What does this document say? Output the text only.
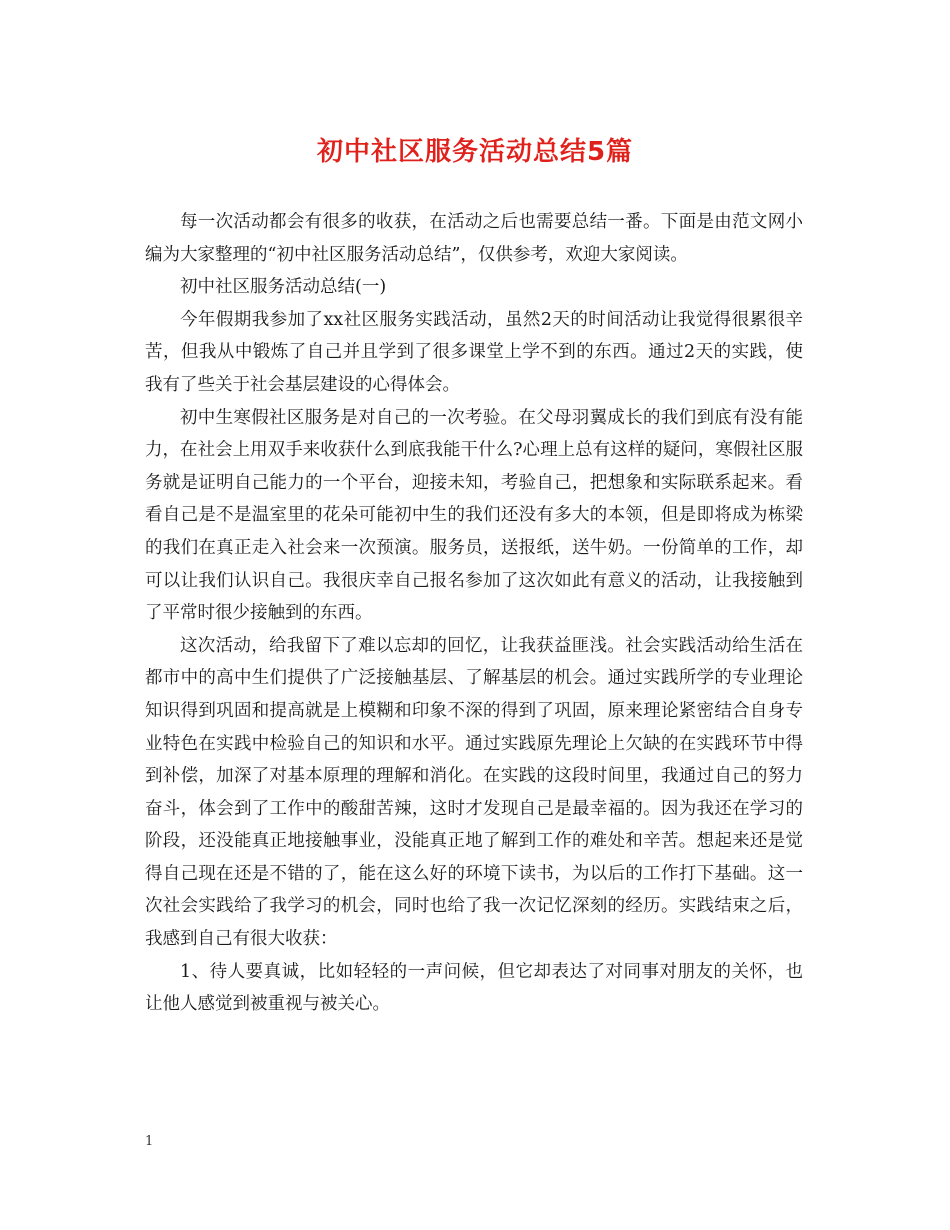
初中社区服务活动总结5篇

每一次活动都会有很多的收获，在活动之后也需要总结一番。下面是由范文网小编为大家整理的“初中社区服务活动总结”，仅供参考，欢迎大家阅读。

初中社区服务活动总结(一)

今年假期我参加了xx社区服务实践活动，虽然2天的时间活动让我觉得很累很辛苦，但我从中锻炼了自己并且学到了很多课堂上学不到的东西。通过2天的实践，使我有了些关于社会基层建设的心得体会。

初中生寒假社区服务是对自己的一次考验。在父母羽翼成长的我们到底有没有能力，在社会上用双手来收获什么到底我能干什么?心理上总有这样的疑问，寒假社区服务就是证明自己能力的一个平台，迎接未知，考验自己，把想象和实际联系起来。看看自己是不是温室里的花朵可能初中生的我们还没有多大的本领，但是即将成为栋梁的我们在真正走入社会来一次预演。服务员，送报纸，送牛奶。一份简单的工作，却可以让我们认识自己。我很庆幸自己报名参加了这次如此有意义的活动，让我接触到了平常时很少接触到的东西。

这次活动，给我留下了难以忘却的回忆，让我获益匪浅。社会实践活动给生活在都市中的高中生们提供了广泛接触基层、了解基层的机会。通过实践所学的专业理论知识得到巩固和提高就是上模糊和印象不深的得到了巩固，原来理论紧密结合自身专业特色在实践中检验自己的知识和水平。通过实践原先理论上欠缺的在实践环节中得到补偿，加深了对基本原理的理解和消化。在实践的这段时间里，我通过自己的努力奋斗，体会到了工作中的酸甜苦辣，这时才发现自己是最幸福的。因为我还在学习的阶段，还没能真正地接触事业，没能真正地了解到工作的难处和辛苦。想起来还是觉得自己现在还是不错的了，能在这么好的环境下读书，为以后的工作打下基础。这一次社会实践给了我学习的机会，同时也给了我一次记忆深刻的经历。实践结束之后，我感到自己有很大收获：

1、待人要真诚，比如轻轻的一声问候，但它却表达了对同事对朋友的关怀，也让他人感觉到被重视与被关心。

1
